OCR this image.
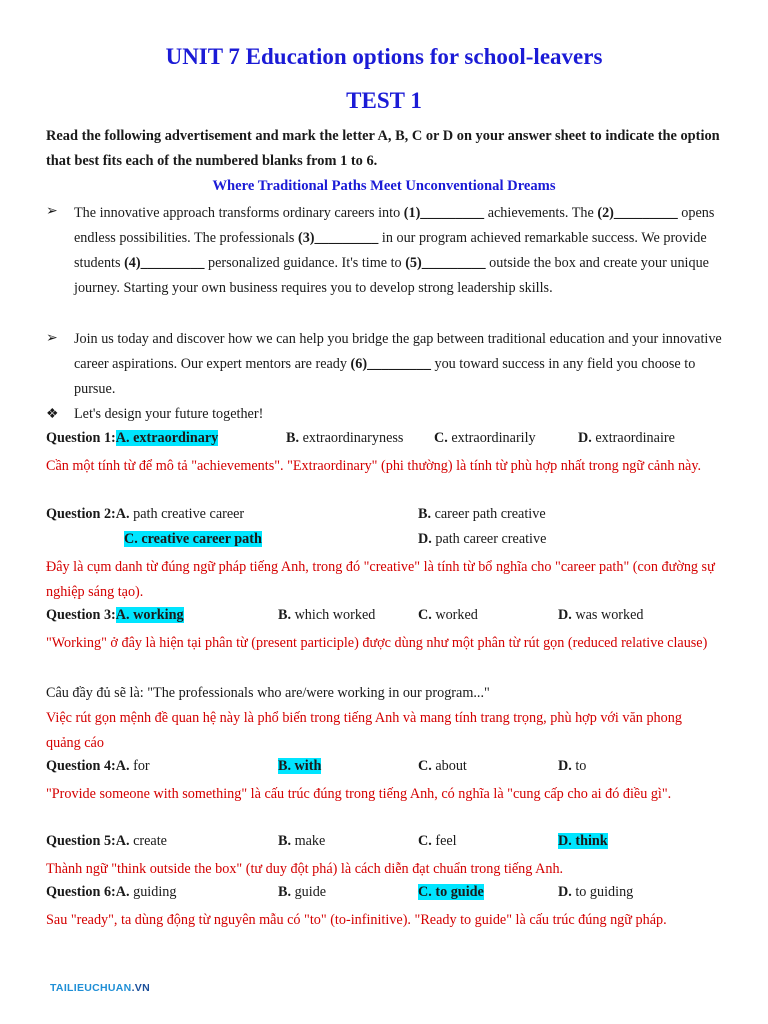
UNIT 7 Education options for school-leavers
TEST 1
Read the following advertisement and mark the letter A, B, C or D on your answer sheet to indicate the option that best fits each of the numbered blanks from 1 to 6.
Where Traditional Paths Meet Unconventional Dreams
➢ The innovative approach transforms ordinary careers into (1)_________ achievements. The (2)_________ opens endless possibilities. The professionals (3)_________ in our program achieved remarkable success. We provide students (4)_________ personalized guidance. It's time to (5)_________ outside the box and create your unique journey. Starting your own business requires you to develop strong leadership skills.
➢ Join us today and discover how we can help you bridge the gap between traditional education and your innovative career aspirations. Our expert mentors are ready (6)_________ you toward success in any field you choose to pursue.
❖ Let's design your future together!
Question 1:A. extraordinary	B. extraordinaryness C. extraordinarily	D. extraordinaire
Cần một tính từ để mô tả "achievements". "Extraordinary" (phi thường) là tính từ phù hợp nhất trong ngữ cảnh này.
Question 2:A. path creative career	B. career path creative
C. creative career path	D. path career creative
Đây là cụm danh từ đúng ngữ pháp tiếng Anh, trong đó "creative" là tính từ bổ nghĩa cho "career path" (con đường sự nghiệp sáng tạo).
Question 3:A. working	B. which worked	C. worked	D. was worked
"Working" ở đây là hiện tại phân từ (present participle) được dùng như một phân từ rút gọn (reduced relative clause)
Câu đầy đủ sẽ là: "The professionals who are/were working in our program..."
Việc rút gọn mệnh đề quan hệ này là phổ biến trong tiếng Anh và mang tính trang trọng, phù hợp với văn phong quảng cáo
Question 4:A. for	B. with	C. about	D. to
"Provide someone with something" là cấu trúc đúng trong tiếng Anh, có nghĩa là "cung cấp cho ai đó điều gì".
Question 5:A. create	B. make	C. feel	D. think
Thành ngữ "think outside the box" (tư duy đột phá) là cách diễn đạt chuẩn trong tiếng Anh.
Question 6:A. guiding	B. guide	C. to guide	D. to guiding
Sau "ready", ta dùng động từ nguyên mẫu có "to" (to-infinitive). "Ready to guide" là cấu trúc đúng ngữ pháp.
TAILIEUCHUAN.VN
